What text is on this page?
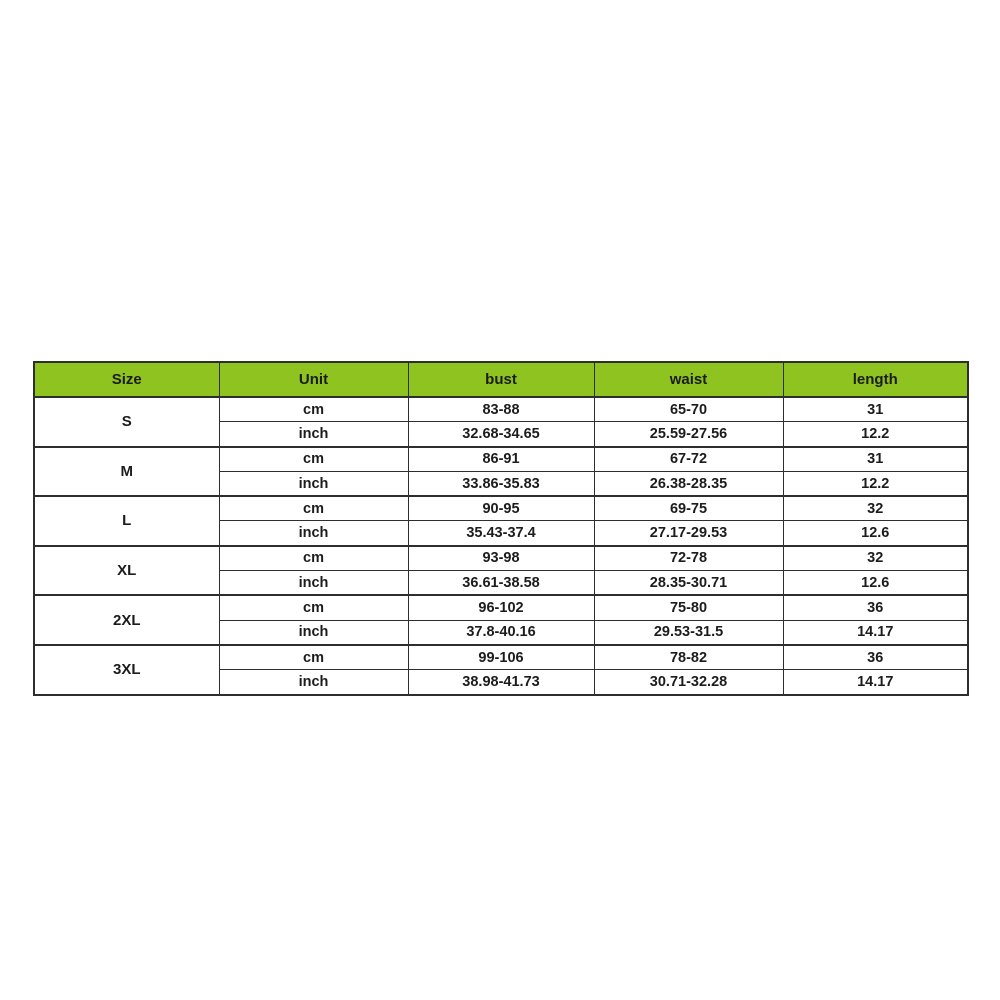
Size	Unit	bust	waist	length
S	cm	83-88	65-70	31
	inch	32.68-34.65	25.59-27.56	12.2
M	cm	86-91	67-72	31
	inch	33.86-35.83	26.38-28.35	12.2
L	cm	90-95	69-75	32
	inch	35.43-37.4	27.17-29.53	12.6
XL	cm	93-98	72-78	32
	inch	36.61-38.58	28.35-30.71	12.6
2XL	cm	96-102	75-80	36
	inch	37.8-40.16	29.53-31.5	14.17
3XL	cm	99-106	78-82	36
	inch	38.98-41.73	30.71-32.28	14.17
